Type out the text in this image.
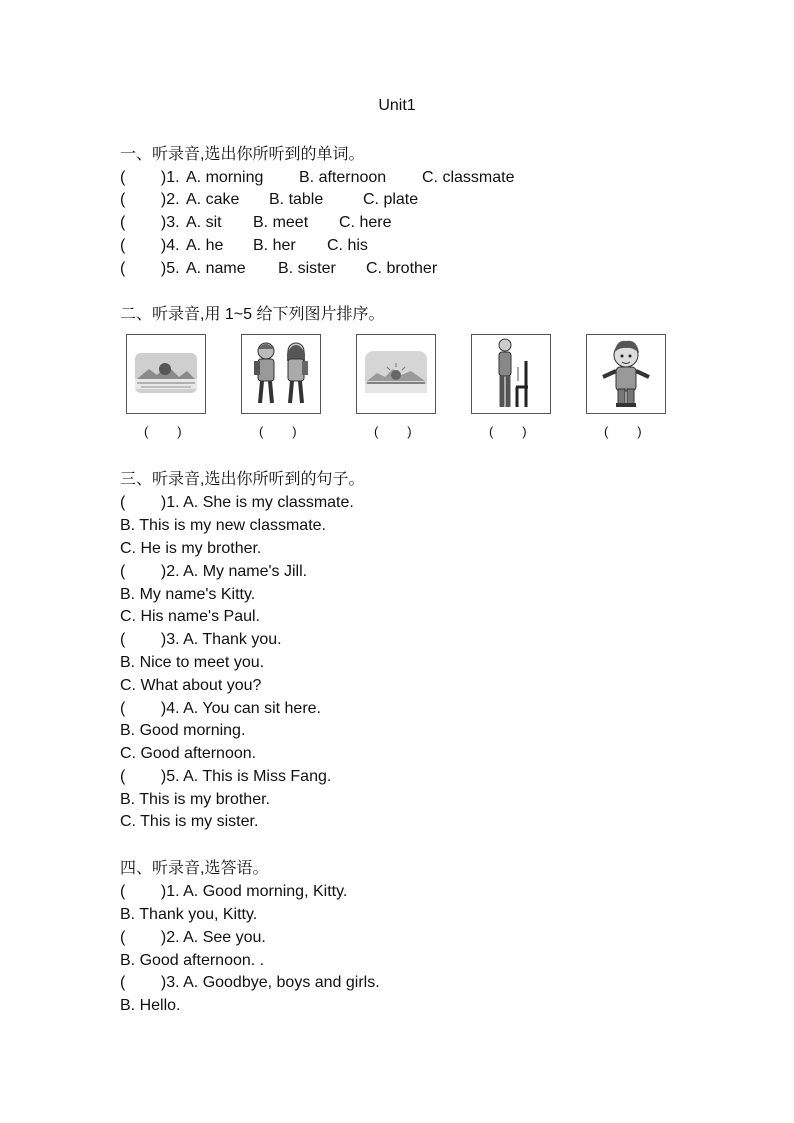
Unit1
一、听录音,选出你所听到的单词。
(        )1. A. morning B. afternoon C. classmate
(        )2. A. cake B. table C. plate
(        )3. A. sit B. meet C. here
(        )4. A. he B. her C. his
(        )5. A. name B. sister C. brother
二、听录音,用 1~5 给下列图片排序。
(        )	(        )	(        )	(        )	(        )
三、听录音,选出你所听到的句子。
(        )1. A. She is my classmate.
B. This is my new classmate.
C. He is my brother.
(        )2. A. My name's Jill.
B. My name's Kitty.
C. His name's Paul.
(        )3. A. Thank you.
B. Nice to meet you.
C. What about you?
(        )4. A. You can sit here.
B. Good morning.
C. Good afternoon.
(        )5. A. This is Miss Fang.
B. This is my brother.
C. This is my sister.
四、听录音,选答语。
(        )1. A. Good morning, Kitty.
B. Thank you, Kitty.
(        )2. A. See you.
B. Good afternoon. .
(        )3. A. Goodbye, boys and girls.
B. Hello.
